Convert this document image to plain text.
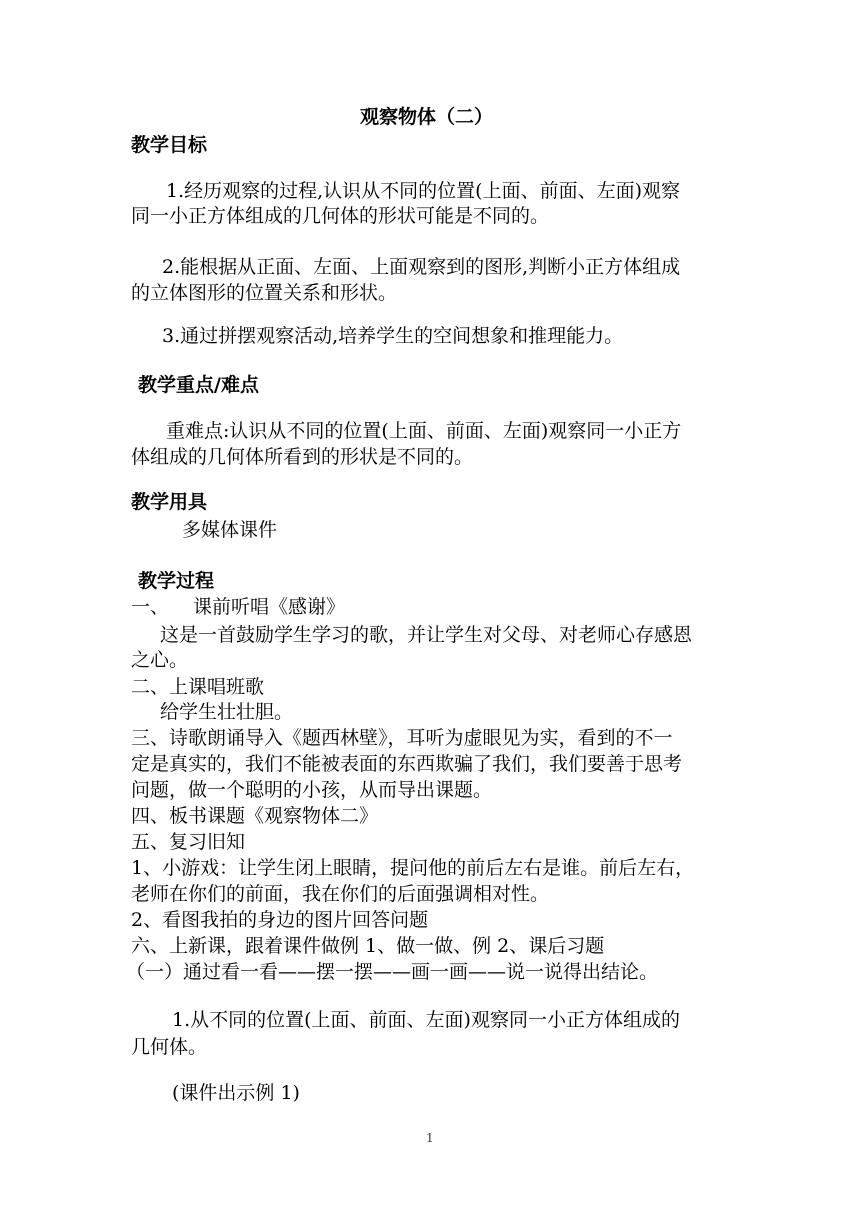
观察物体（二）
教学目标
1.经历观察的过程,认识从不同的位置(上面、前面、左面)观察
同一小正方体组成的几何体的形状可能是不同的。
2.能根据从正面、左面、上面观察到的图形,判断小正方体组成
的立体图形的位置关系和形状。
3.通过拼摆观察活动,培养学生的空间想象和推理能力。
教学重点/难点
重难点:认识从不同的位置(上面、前面、左面)观察同一小正方
体组成的几何体所看到的形状是不同的。
教学用具
多媒体课件
教学过程
一、 课前听唱《感谢》
这是一首鼓励学生学习的歌，并让学生对父母、对老师心存感恩
之心。
二、上课唱班歌
给学生壮壮胆。
三、诗歌朗诵导入《题西林壁》，耳听为虚眼见为实，看到的不一
定是真实的，我们不能被表面的东西欺骗了我们，我们要善于思考
问题，做一个聪明的小孩，从而导出课题。
四、板书课题《观察物体二》
五、复习旧知
1、小游戏：让学生闭上眼睛，提问他的前后左右是谁。前后左右，
老师在你们的前面，我在你们的后面强调相对性。
2、看图我拍的身边的图片回答问题
六、上新课，跟着课件做例 1、做一做、例 2、课后习题
（一）通过看一看——摆一摆——画一画——说一说得出结论。
1.从不同的位置(上面、前面、左面)观察同一小正方体组成的
几何体。
(课件出示例 1)
1
